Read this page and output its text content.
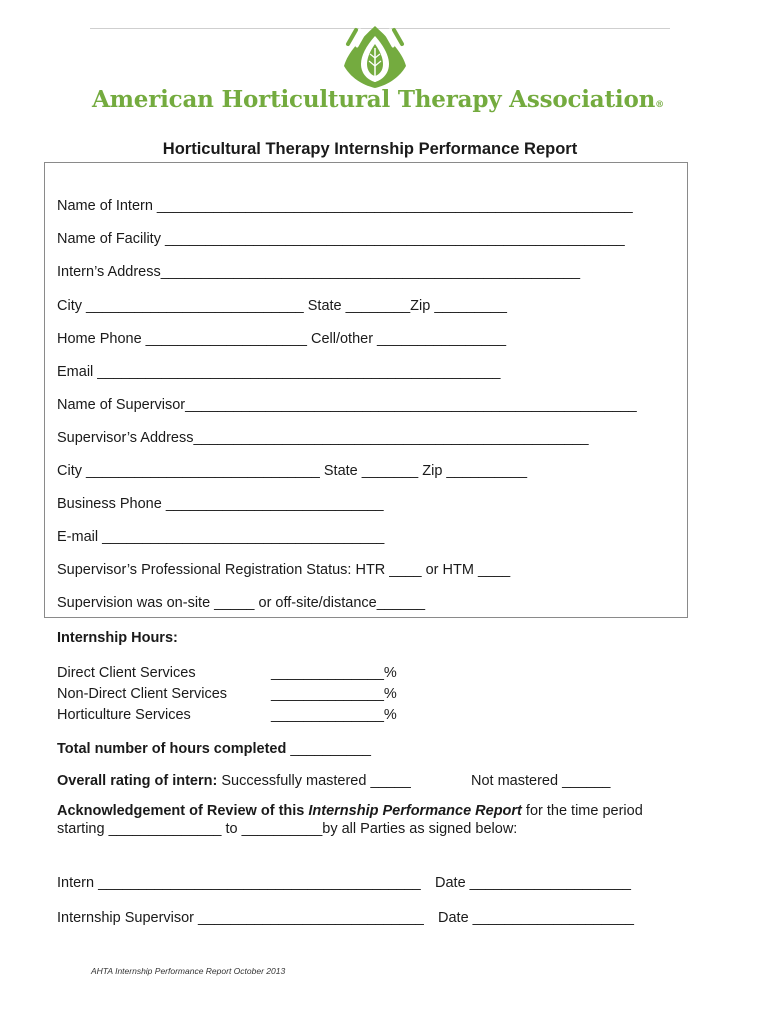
American Horticultural Therapy Association®
Horticultural Therapy Internship Performance Report
Name of Intern ___________________________________________________________
Name of Facility _________________________________________________________
Intern’s Address____________________________________________________
City ___________________________ State ________Zip _________
Home Phone ____________________ Cell/other ________________
Email __________________________________________________
Name of Supervisor________________________________________________________
Supervisor’s Address_________________________________________________
City _____________________________ State _______ Zip __________
Business Phone ___________________________
E-mail ___________________________________
Supervisor’s Professional Registration Status: HTR ____ or HTM ____
Supervision was on-site _____ or off-site/distance______
Internship Hours:
Direct Client Services	______________%
Non-Direct Client Services	______________%
Horticulture Services	______________%
Total number of hours completed __________
Overall rating of intern: Successfully mastered _____	Not mastered ______
Acknowledgement of Review of this Internship Performance Report for the time period
starting ______________ to __________by all Parties as signed below:
Intern ________________________________________ Date ____________________
Internship Supervisor ____________________________ Date ____________________
AHTA Internship Performance Report October 2013
